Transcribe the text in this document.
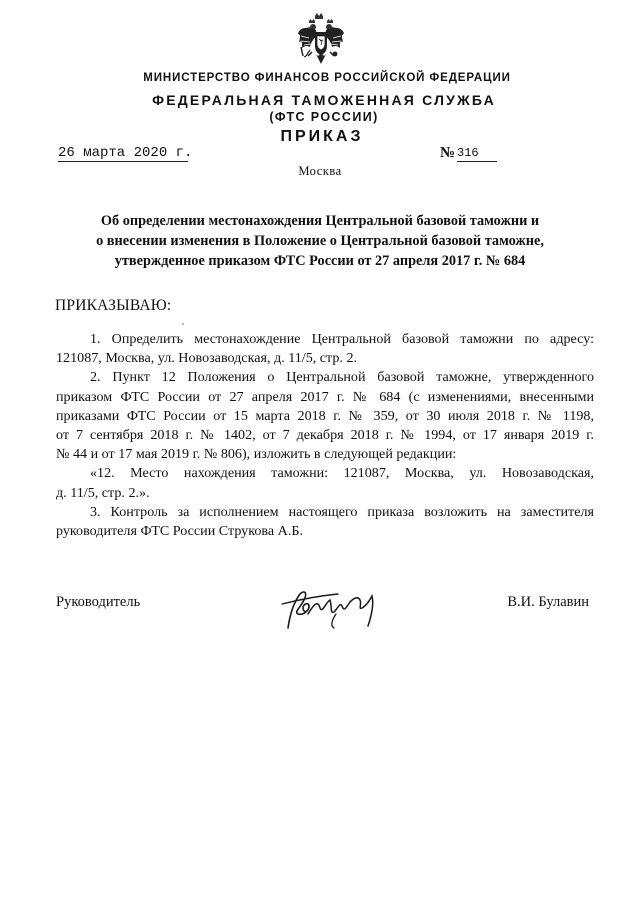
МИНИСТЕРСТВО ФИНАНСОВ РОССИЙСКОЙ ФЕДЕРАЦИИ
ФЕДЕРАЛЬНАЯ ТАМОЖЕННАЯ СЛУЖБА
(ФТС РОССИИ)
ПРИКАЗ
26 марта 2020 г.	№ 316
Москва
Об определении местонахождения Центральной базовой таможни и
о внесении изменения в Положение о Центральной базовой таможне,
утвержденное приказом ФТС России от 27 апреля 2017 г. № 684
ПРИКАЗЫВАЮ:
1. Определить местонахождение Центральной базовой таможни по адресу:
121087, Москва, ул. Новозаводская, д. 11/5, стр. 2.
2. Пункт 12 Положения о Центральной базовой таможне, утвержденного
приказом ФТС России от 27 апреля 2017 г. № 684 (с изменениями, внесенными
приказами ФТС России от 15 марта 2018 г. № 359, от 30 июля 2018 г. № 1198,
от 7 сентября 2018 г. № 1402, от 7 декабря 2018 г. № 1994, от 17 января 2019 г.
№ 44 и от 17 мая 2019 г. № 806), изложить в следующей редакции:
«12. Место нахождения таможни: 121087, Москва, ул. Новозаводская,
д. 11/5, стр. 2.».
3. Контроль за исполнением настоящего приказа возложить на заместителя
руководителя ФТС России Струкова А.Б.
Руководитель	В.И. Булавин
